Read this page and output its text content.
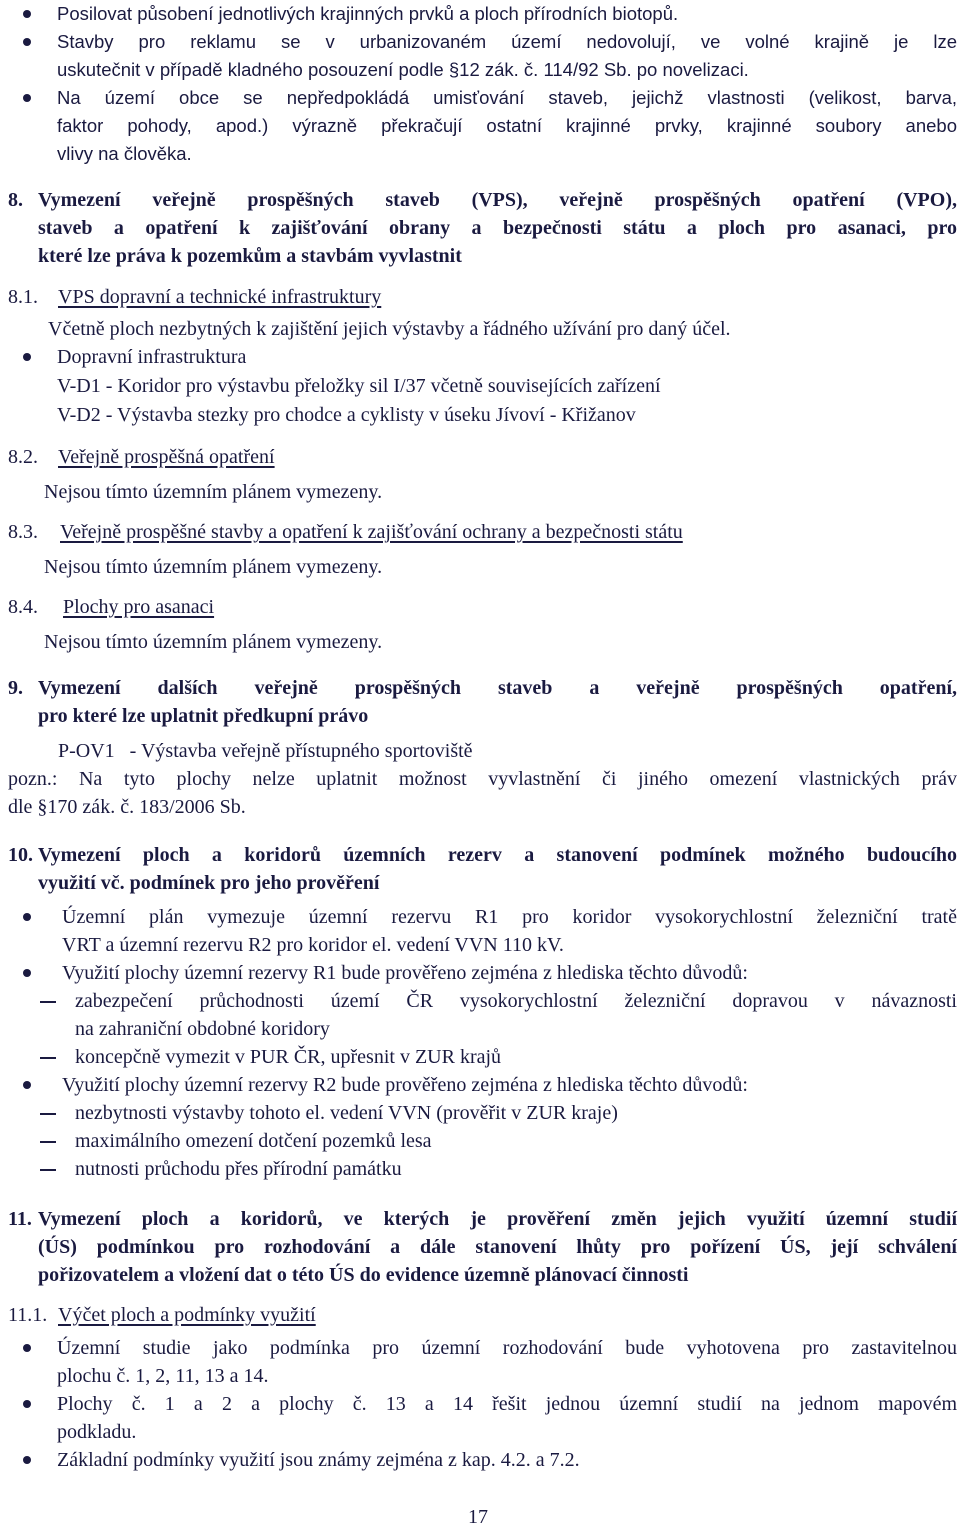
Posilovat působení jednotlivých krajinných prvků a ploch přírodních biotopů.
Stavby pro reklamu se v urbanizovaném území nedovolují, ve volné krajině je lze
uskutečnit v případě kladného posouzení podle §12 zák. č. 114/92 Sb. po novelizaci.
Na území obce se nepředpokládá umisťování staveb, jejichž vlastnosti (velikost, barva,
faktor pohody, apod.) výrazně překračují ostatní krajinné prvky, krajinné soubory anebo
vlivy na člověka.
8. Vymezení veřejně prospěšných staveb (VPS), veřejně prospěšných opatření (VPO),
staveb a opatření k zajišťování obrany a bezpečnosti státu a ploch pro asanaci, pro
které lze práva k pozemkům a stavbám vyvlastnit
8.1. VPS dopravní a technické infrastruktury
Včetně ploch nezbytných k zajištění jejich výstavby a řádného užívání pro daný účel.
Dopravní infrastruktura
V-D1 - Koridor pro výstavbu přeložky sil I/37 včetně souvisejících zařízení
V-D2 - Výstavba stezky pro chodce a cyklisty v úseku Jívoví - Křižanov
8.2. Veřejně prospěšná opatření
Nejsou tímto územním plánem vymezeny.
8.3. Veřejně prospěšné stavby a opatření k zajišťování ochrany a bezpečnosti státu
Nejsou tímto územním plánem vymezeny.
8.4. Plochy pro asanaci
Nejsou tímto územním plánem vymezeny.
9. Vymezení dalších veřejně prospěšných staveb a veřejně prospěšných opatření,
pro které lze uplatnit předkupní právo
P-OV1   - Výstavba veřejně přístupného sportoviště
pozn.: Na tyto plochy nelze uplatnit možnost vyvlastnění či jiného omezení vlastnických práv
dle §170 zák. č. 183/2006 Sb.
10. Vymezení ploch a koridorů územních rezerv a stanovení podmínek možného budoucího
využití vč. podmínek pro jeho prověření
Územní plán vymezuje územní rezervu R1 pro koridor vysokorychlostní železniční tratě
VRT a územní rezervu R2 pro koridor el. vedení VVN 110 kV.
Využití plochy územní rezervy R1 bude prověřeno zejména z hlediska těchto důvodů:
zabezpečení průchodnosti území ČR vysokorychlostní železniční dopravou v návaznosti
na zahraniční obdobné koridory
koncepčně vymezit v PUR ČR, upřesnit v ZUR krajů
Využití plochy územní rezervy R2 bude prověřeno zejména z hlediska těchto důvodů:
nezbytnosti výstavby tohoto el. vedení VVN (prověřit v ZUR kraje)
maximálního omezení dotčení pozemků lesa
nutnosti průchodu přes přírodní památku
11. Vymezení ploch a koridorů, ve kterých je prověření změn jejich využití územní studií
(ÚS) podmínkou pro rozhodování a dále stanovení lhůty pro pořízení ÚS, její schválení
pořizovatelem a vložení dat o této ÚS do evidence územně plánovací činnosti
11.1. Výčet ploch a podmínky využití
Územní studie jako podmínka pro územní rozhodování bude vyhotovena pro zastavitelnou
plochu č. 1, 2, 11, 13 a 14.
Plochy č. 1 a 2 a plochy č. 13 a 14 řešit jednou územní studií na jednom mapovém
podkladu.
Základní podmínky využití jsou známy zejména z kap. 4.2. a 7.2.
17
